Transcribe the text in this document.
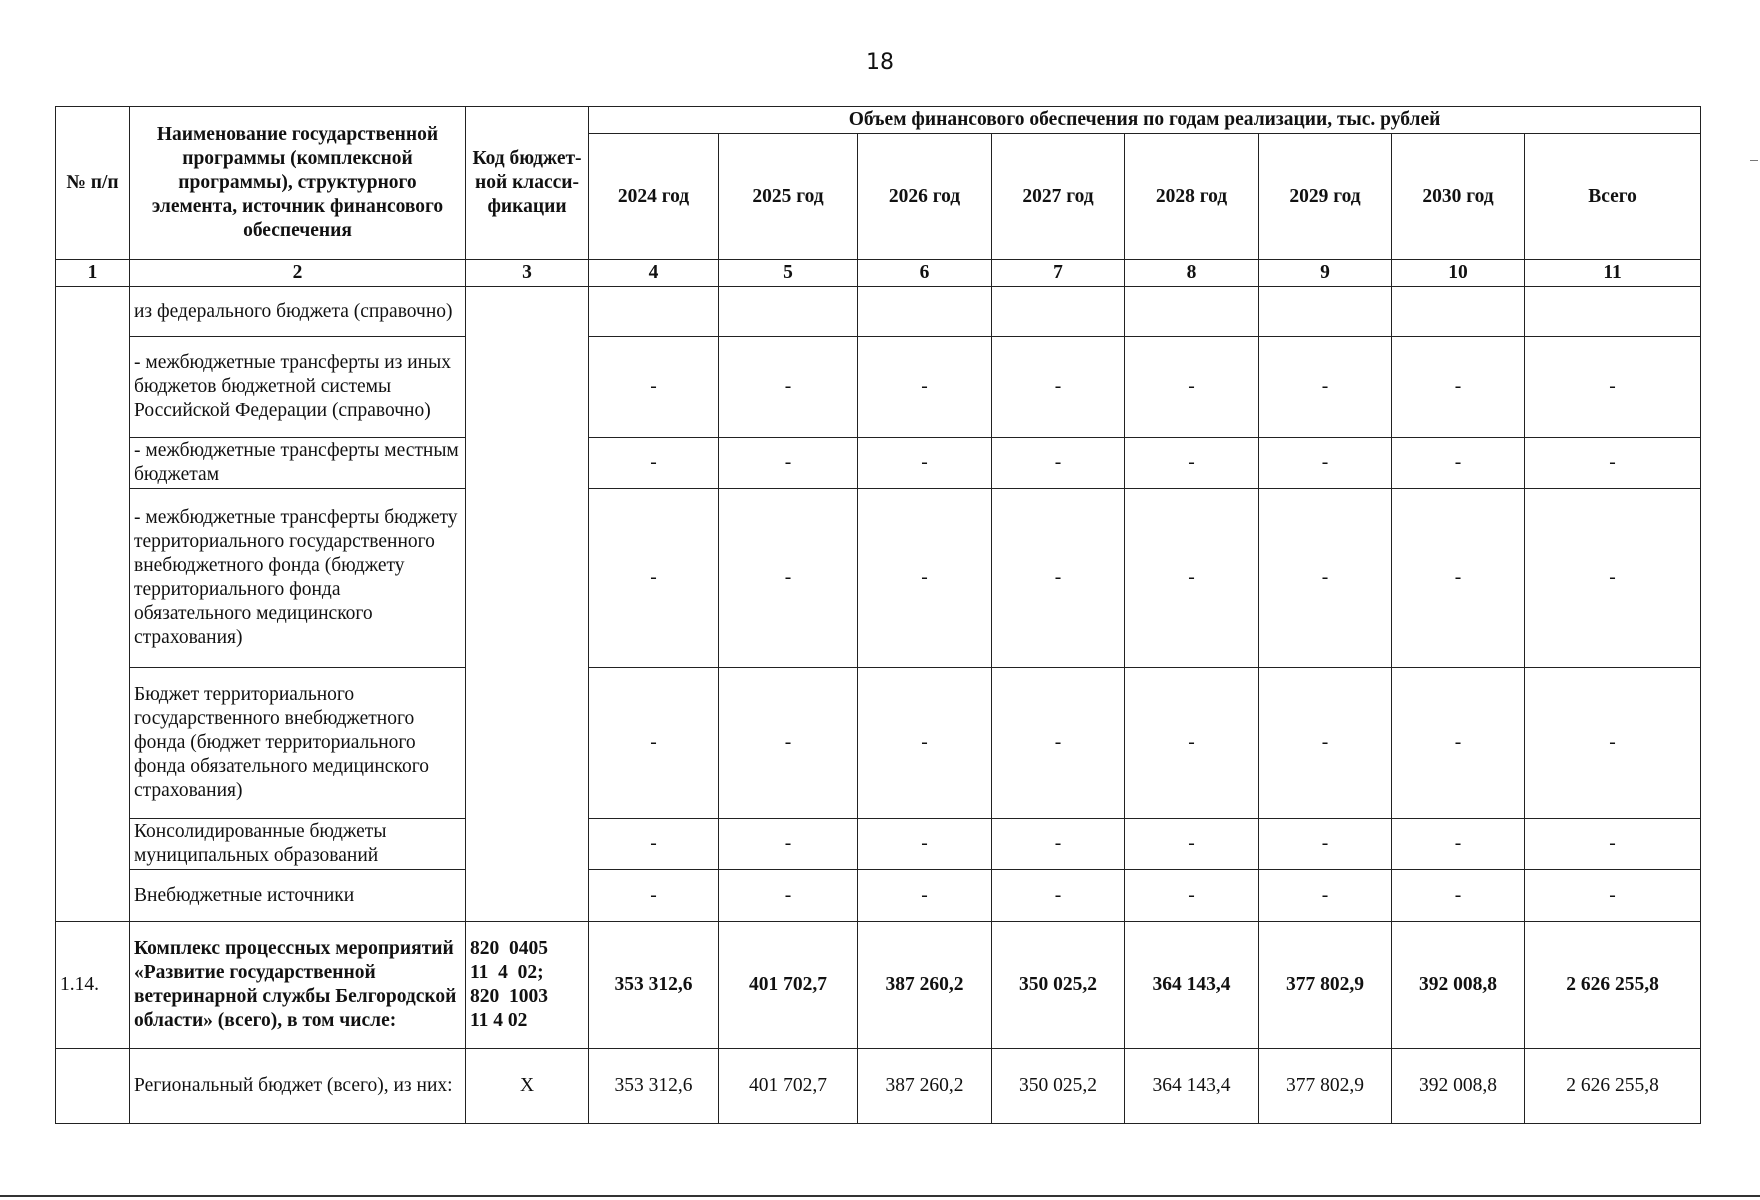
18
№ п/п	Наименование государственной программы (комплексной программы), структурного элемента, источник финансового обеспечения	Код бюджет-ной класси-фикации	Объем финансового обеспечения по годам реализации, тыс. рублей							
			2024 год	2025 год	2026 год	2027 год	2028 год	2029 год	2030 год	Всего
1	2	3	4	5	6	7	8	9	10	11
	из федерального бюджета (справочно)									
	- межбюджетные трансферты из иных бюджетов бюджетной системы Российской Федерации (справочно)		-	-	-	-	-	-	-	-
	- межбюджетные трансферты местным бюджетам		-	-	-	-	-	-	-	-
	- межбюджетные трансферты бюджету территориального государственного внебюджетного фонда (бюджету территориального фонда обязательного медицинского страхования)		-	-	-	-	-	-	-	-
	Бюджет территориального государственного внебюджетного фонда (бюджет территориального фонда обязательного медицинского страхования)		-	-	-	-	-	-	-	-
	Консолидированные бюджеты муниципальных образований		-	-	-	-	-	-	-	-
	Внебюджетные источники		-	-	-	-	-	-	-	-
1.14.	Комплекс процессных мероприятий «Развитие государственной ветеринарной службы Белгородской области» (всего), в том числе:	820  0405
11  4  02;
820  1003
11 4 02	353 312,6	401 702,7	387 260,2	350 025,2	364 143,4	377 802,9	392 008,8	2 626 255,8
	Региональный бюджет (всего), из них:	X	353 312,6	401 702,7	387 260,2	350 025,2	364 143,4	377 802,9	392 008,8	2 626 255,8
